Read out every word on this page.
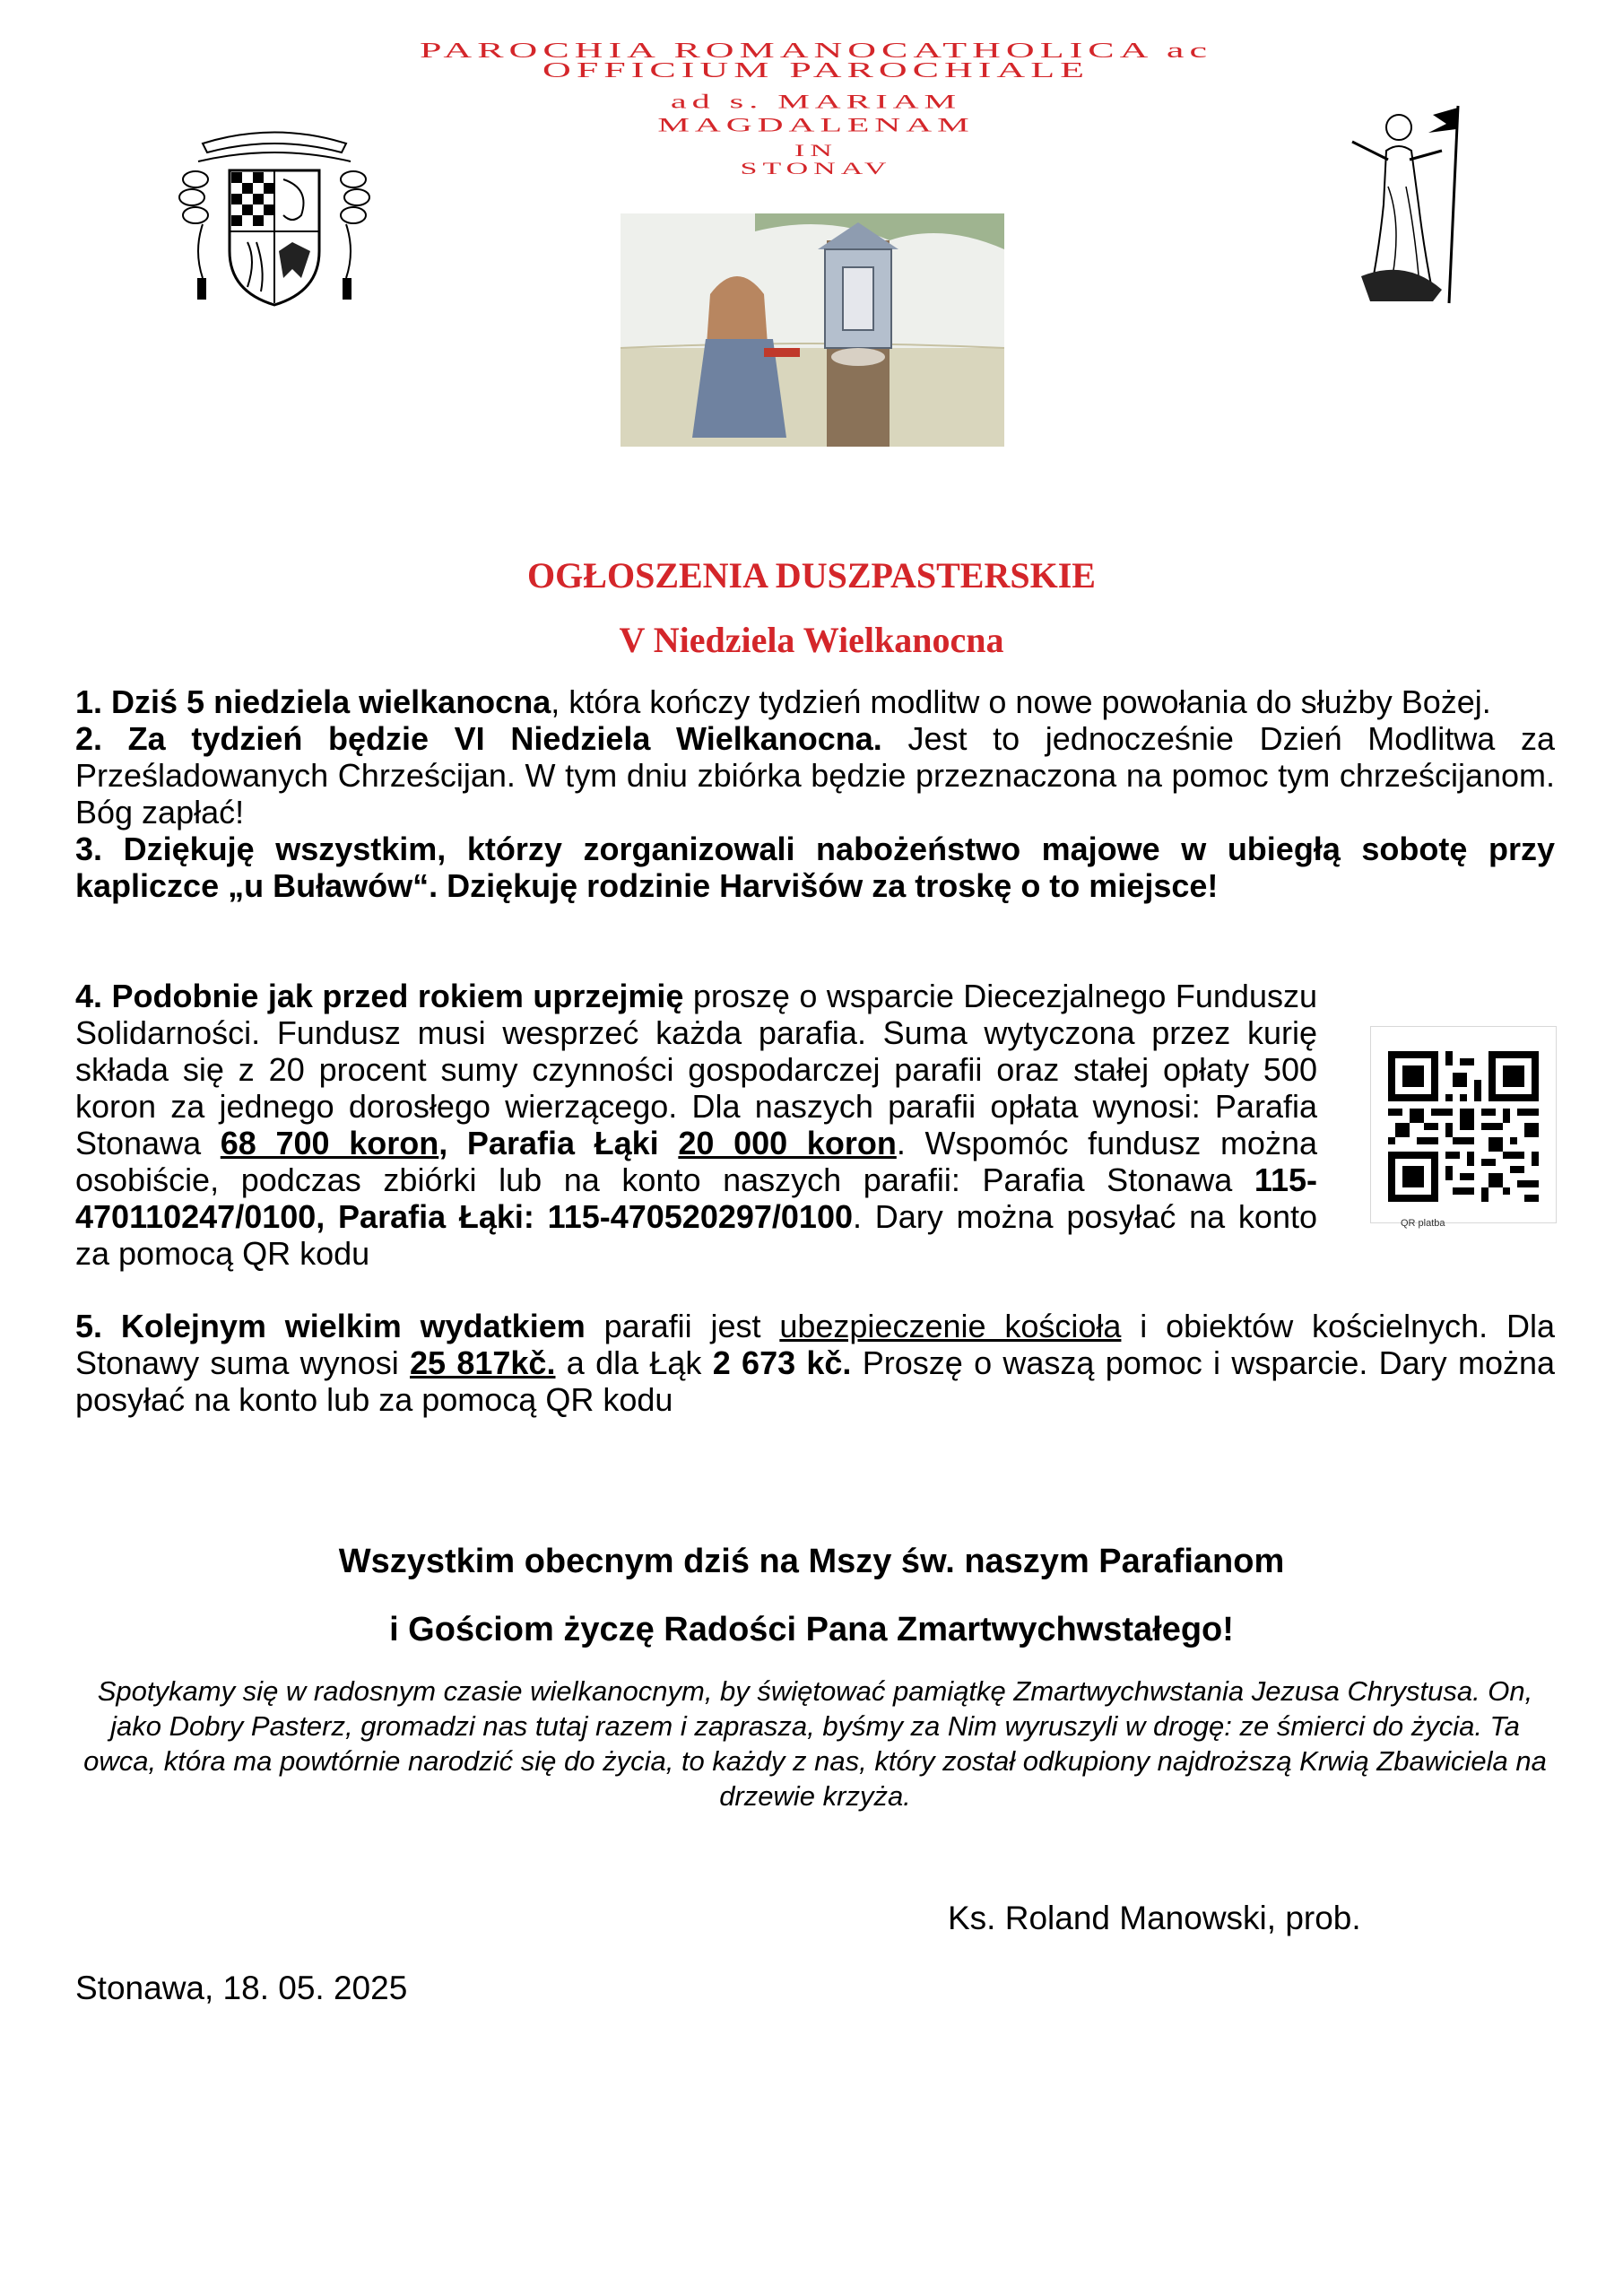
PAROCHIA ROMANOCATHOLICA ac
OFFICIUM PAROCHIALE
ad s. MARIAM
MAGDALENAM
IN
STONAV
OGŁOSZENIA DUSZPASTERSKIE
V Niedziela Wielkanocna

1. Dziś 5 niedziela wielkanocna, która kończy tydzień modlitw o nowe powołania do służby Bożej.

2. Za tydzień będzie VI Niedziela Wielkanocna. Jest to jednocześnie Dzień Modlitwa za Prześladowanych Chrześcijan. W tym dniu zbiórka będzie przeznaczona na pomoc tym chrześcijanom. Bóg zapłać!

3. Dziękuję wszystkim, którzy zorganizowali nabożeństwo majowe w ubiegłą sobotę przy kapliczce „u Buławów“. Dziękuję rodzinie Harvišów za troskę o to miejsce!

4. Podobnie jak przed rokiem uprzejmię proszę o wsparcie Diecezjalnego Funduszu Solidarności. Fundusz musi wesprzeć każda parafia. Suma wytyczona przez kurię składa się z 20 procent sumy czynności gospodarczej parafii oraz stałej opłaty 500 koron za jednego dorosłego wierzącego. Dla naszych parafii opłata wynosi: Parafia Stonawa 68 700 koron, Parafia Łąki 20 000 koron. Wspomóc fundusz można osobiście, podczas zbiórki lub na konto naszych parafii: Parafia Stonawa 115-470110247/0100, Parafia Łąki: 115-470520297/0100. Dary można posyłać na konto za pomocą QR kodu

QR platba

5. Kolejnym wielkim wydatkiem parafii jest ubezpieczenie kościoła i obiektów kościelnych. Dla Stonawy suma wynosi 25 817kč. a dla Łąk 2 673 kč. Proszę o waszą pomoc i wsparcie. Dary można posyłać na konto lub za pomocą QR kodu

Wszystkim obecnym dziś na Mszy św. naszym Parafianom
i Gościom życzę Radości Pana Zmartwychwstałego!
Spotykamy się w radosnym czasie wielkanocnym, by świętować pamiątkę Zmartwychwstania Jezusa Chrystusa. On, jako Dobry Pasterz, gromadzi nas tutaj razem i zaprasza, byśmy za Nim wyruszyli w drogę: ze śmierci do życia. Ta owca, która ma powtórnie narodzić się do życia, to każdy z nas, który został odkupiony najdroższą Krwią Zbawiciela na drzewie krzyża.
Ks. Roland Manowski, prob.
Stonawa, 18. 05. 2025
